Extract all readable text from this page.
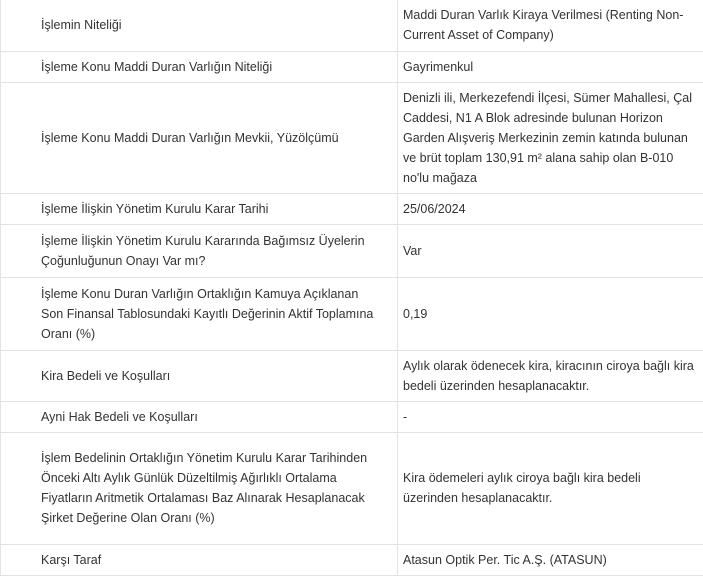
İşlemin Niteliği	Maddi Duran Varlık Kiraya Verilmesi (Renting Non-Current Asset of Company)
İşleme Konu Maddi Duran Varlığın Niteliği	Gayrimenkul
İşleme Konu Maddi Duran Varlığın Mevkii, Yüzölçümü	Denizli ili, Merkezefendi İlçesi, Sümer Mahallesi, Çal Caddesi, N1 A Blok adresinde bulunan Horizon Garden Alışveriş Merkezinin zemin katında bulunan ve brüt toplam 130,91 m² alana sahip olan B-010 no'lu mağaza
İşleme İlişkin Yönetim Kurulu Karar Tarihi	25/06/2024
İşleme İlişkin Yönetim Kurulu Kararında Bağımsız Üyelerin Çoğunluğunun Onayı Var mı?	Var
İşleme Konu Duran Varlığın Ortaklığın Kamuya Açıklanan Son Finansal Tablosundaki Kayıtlı Değerinin Aktif Toplamına Oranı (%)	0,19
Kira Bedeli ve Koşulları	Aylık olarak ödenecek kira, kiracının ciroya bağlı kira bedeli üzerinden hesaplanacaktır.
Ayni Hak Bedeli ve Koşulları	-
İşlem Bedelinin Ortaklığın Yönetim Kurulu Karar Tarihinden Önceki Altı Aylık Günlük Düzeltilmiş Ağırlıklı Ortalama Fiyatların Aritmetik Ortalaması Baz Alınarak Hesaplanacak Şirket Değerine Olan Oranı (%)	Kira ödemeleri aylık ciroya bağlı kira bedeli üzerinden hesaplanacaktır.
Karşı Taraf	Atasun Optik Per. Tic A.Ş. (ATASUN)
